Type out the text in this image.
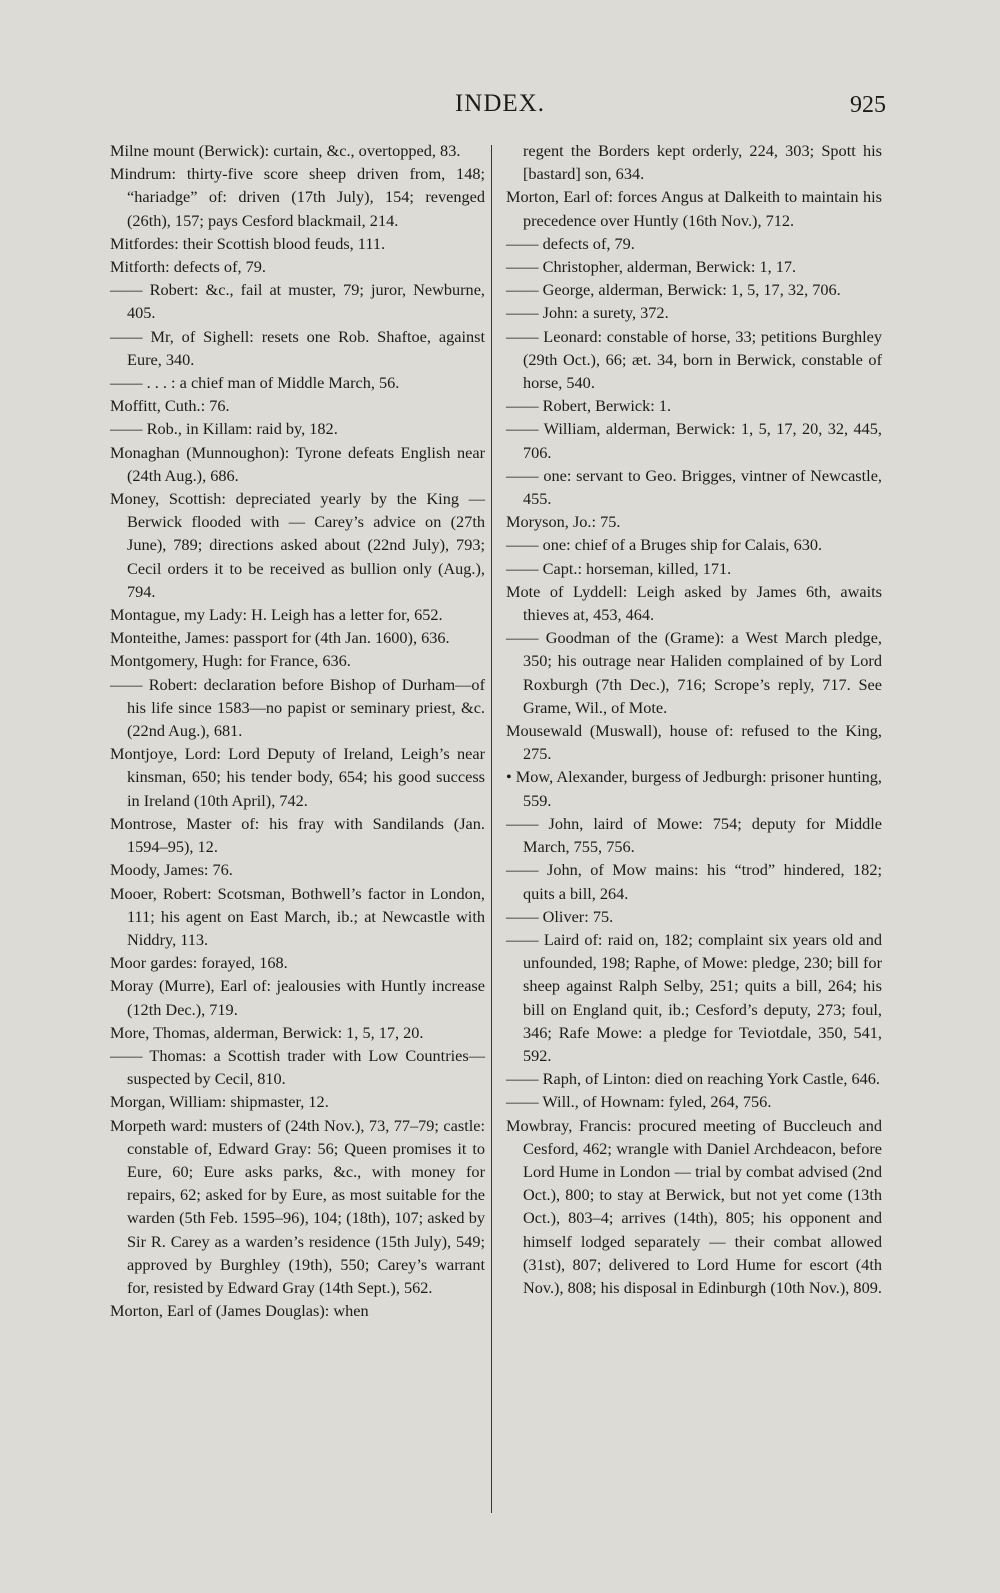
INDEX.	925

Milne mount (Berwick): curtain, &c., overtopped, 83.

Mindrum: thirty-five score sheep driven from, 148; “hariadge” of: driven (17th July), 154; revenged (26th), 157; pays Cesford blackmail, 214.

Mitfordes: their Scottish blood feuds, 111.

Mitforth: defects of, 79.

—— Robert: &c., fail at muster, 79; juror, Newburne, 405.

—— Mr, of Sighell: resets one Rob. Shaftoe, against Eure, 340.

—— . . . : a chief man of Middle March, 56.

Moffitt, Cuth.: 76.

—— Rob., in Killam: raid by, 182.

Monaghan (Munnoughon): Tyrone defeats English near (24th Aug.), 686.

Money, Scottish: depreciated yearly by the King — Berwick flooded with — Carey’s advice on (27th June), 789; directions asked about (22nd July), 793; Cecil orders it to be received as bullion only (Aug.), 794.

Montague, my Lady: H. Leigh has a letter for, 652.

Monteithe, James: passport for (4th Jan. 1600), 636.

Montgomery, Hugh: for France, 636.

—— Robert: declaration before Bishop of Durham—of his life since 1583—no papist or seminary priest, &c. (22nd Aug.), 681.

Montjoye, Lord: Lord Deputy of Ireland, Leigh’s near kinsman, 650; his tender body, 654; his good success in Ireland (10th April), 742.

Montrose, Master of: his fray with Sandilands (Jan. 1594–95), 12.

Moody, James: 76.

Mooer, Robert: Scotsman, Bothwell’s factor in London, 111; his agent on East March, ib.; at Newcastle with Niddry, 113.

Moor gardes: forayed, 168.

Moray (Murre), Earl of: jealousies with Huntly increase (12th Dec.), 719.

More, Thomas, alderman, Berwick: 1, 5, 17, 20.

—— Thomas: a Scottish trader with Low Countries—suspected by Cecil, 810.

Morgan, William: shipmaster, 12.

Morpeth ward: musters of (24th Nov.), 73, 77–79; castle: constable of, Edward Gray: 56; Queen promises it to Eure, 60; Eure asks parks, &c., with money for repairs, 62; asked for by Eure, as most suitable for the warden (5th Feb. 1595–96), 104; (18th), 107; asked by Sir R. Carey as a warden’s residence (15th July), 549; approved by Burghley (19th), 550; Carey’s warrant for, resisted by Edward Gray (14th Sept.), 562.

Morton, Earl of (James Douglas): when

regent the Borders kept orderly, 224, 303; Spott his [bastard] son, 634.

Morton, Earl of: forces Angus at Dalkeith to maintain his precedence over Huntly (16th Nov.), 712.

—— defects of, 79.

—— Christopher, alderman, Berwick: 1, 17.

—— George, alderman, Berwick: 1, 5, 17, 32, 706.

—— John: a surety, 372.

—— Leonard: constable of horse, 33; petitions Burghley (29th Oct.), 66; æt. 34, born in Berwick, constable of horse, 540.

—— Robert, Berwick: 1.

—— William, alderman, Berwick: 1, 5, 17, 20, 32, 445, 706.

—— one: servant to Geo. Brigges, vintner of Newcastle, 455.

Moryson, Jo.: 75.

—— one: chief of a Bruges ship for Calais, 630.

—— Capt.: horseman, killed, 171.

Mote of Lyddell: Leigh asked by James 6th, awaits thieves at, 453, 464.

—— Goodman of the (Grame): a West March pledge, 350; his outrage near Haliden complained of by Lord Roxburgh (7th Dec.), 716; Scrope’s reply, 717. See Grame, Wil., of Mote.

Mousewald (Muswall), house of: refused to the King, 275.

• Mow, Alexander, burgess of Jedburgh: prisoner hunting, 559.

—— John, laird of Mowe: 754; deputy for Middle March, 755, 756.

—— John, of Mow mains: his “trod” hindered, 182; quits a bill, 264.

—— Oliver: 75.

—— Laird of: raid on, 182; complaint six years old and unfounded, 198; Raphe, of Mowe: pledge, 230; bill for sheep against Ralph Selby, 251; quits a bill, 264; his bill on England quit, ib.; Cesford’s deputy, 273; foul, 346; Rafe Mowe: a pledge for Teviotdale, 350, 541, 592.

—— Raph, of Linton: died on reaching York Castle, 646.

—— Will., of Hownam: fyled, 264, 756.

Mowbray, Francis: procured meeting of Buccleuch and Cesford, 462; wrangle with Daniel Archdeacon, before Lord Hume in London — trial by combat advised (2nd Oct.), 800; to stay at Berwick, but not yet come (13th Oct.), 803–4; arrives (14th), 805; his opponent and himself lodged separately — their combat allowed (31st), 807; delivered to Lord Hume for escort (4th Nov.), 808; his disposal in Edinburgh (10th Nov.), 809.
